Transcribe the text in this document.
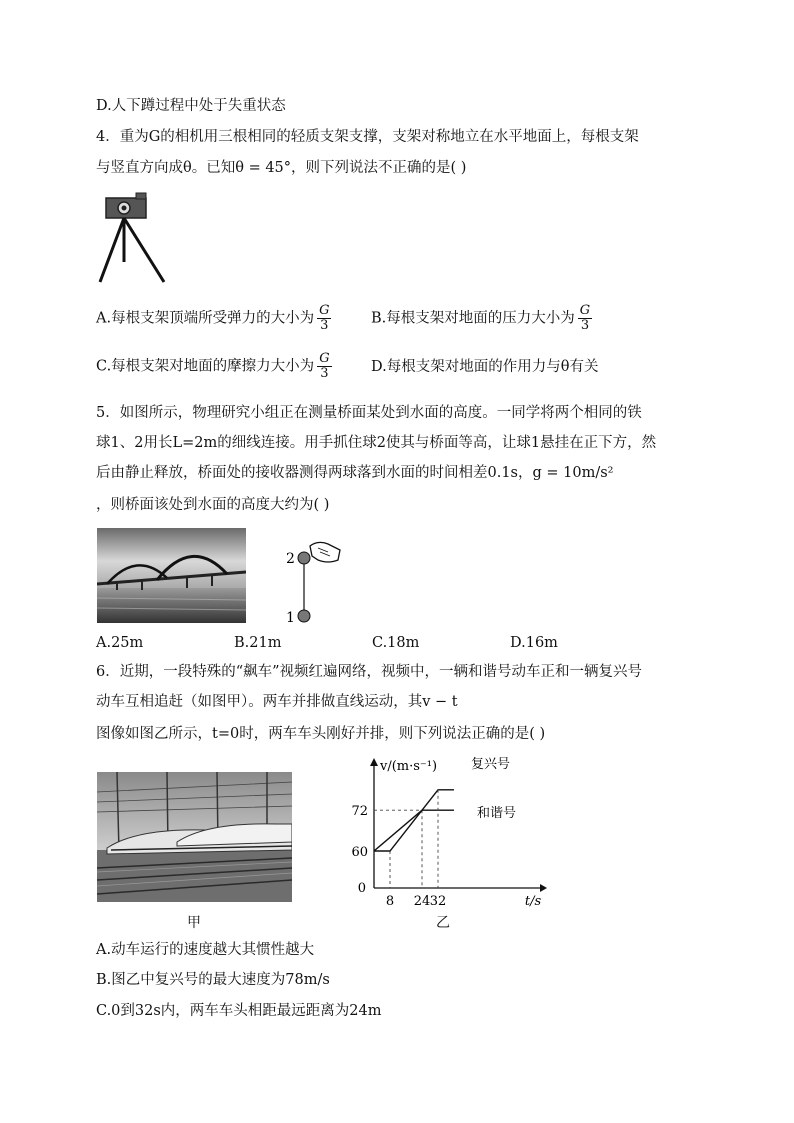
D.人下蹲过程中处于失重状态
4．重为G的相机用三根相同的轻质支架支撑，支架对称地立在水平地面上，每根支架
与竖直方向成θ。已知θ = 45°，则下列说法不正确的是( )
A.每根支架顶端所受弹力的大小为 $\frac{G}{3}$	B.每根支架对地面的压力大小为 $\frac{G}{3}$
C.每根支架对地面的摩擦力大小为 $\frac{G}{3}$	D.每根支架对地面的作用力与θ有关
5．如图所示，物理研究小组正在测量桥面某处到水面的高度。一同学将两个相同的铁
球1、2用长L=2m的细线连接。用手抓住球2使其与桥面等高，让球1悬挂在正下方，然
后由静止释放，桥面处的接收器测得两球落到水面的时间相差0.1s，g = 10m/s²
，则桥面该处到水面的高度大约为( )
2
1
A.25m	B.21m	C.18m	D.16m
6．近期，一段特殊的“飙车”视频红遍网络，视频中，一辆和谐号动车正和一辆复兴号
动车互相追赶（如图甲）。两车并排做直线运动，其v − t
图像如图乙所示，t=0时，两车车头刚好并排，则下列说法正确的是( )
v/(m·s⁻¹)
t/s
0
60
72
8 24 32
复兴号
和谐号
甲	乙
A.动车运行的速度越大其惯性越大
B.图乙中复兴号的最大速度为78m/s
C.0到32s内，两车车头相距最远距离为24m
